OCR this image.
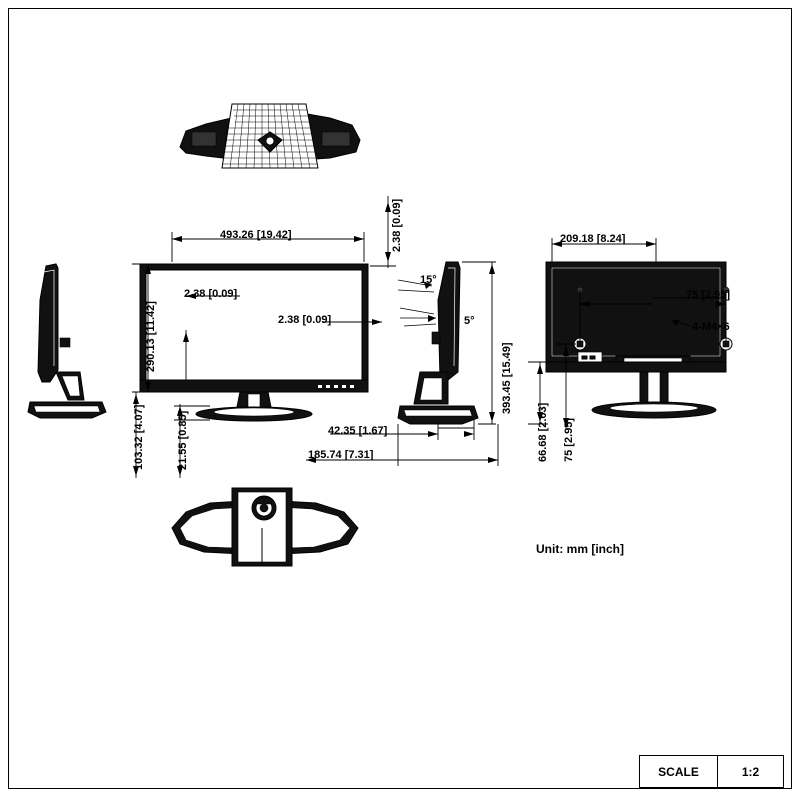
493.26 [19.42]	2.38 [0.09]
2.38 [0.09]
2.38 [0.09]
290.13 [11.42]
103.32 [4.07]	21.55 [0.85]
15°
5°
42.35 [1.67]
185.74 [7.31]
393.45 [15.49]
209.18 [8.24]
75 [2.95]
4-M4×6
66.68 [2.63] 75 [2.95]
Unit: mm [inch]
SCALE	1:2
